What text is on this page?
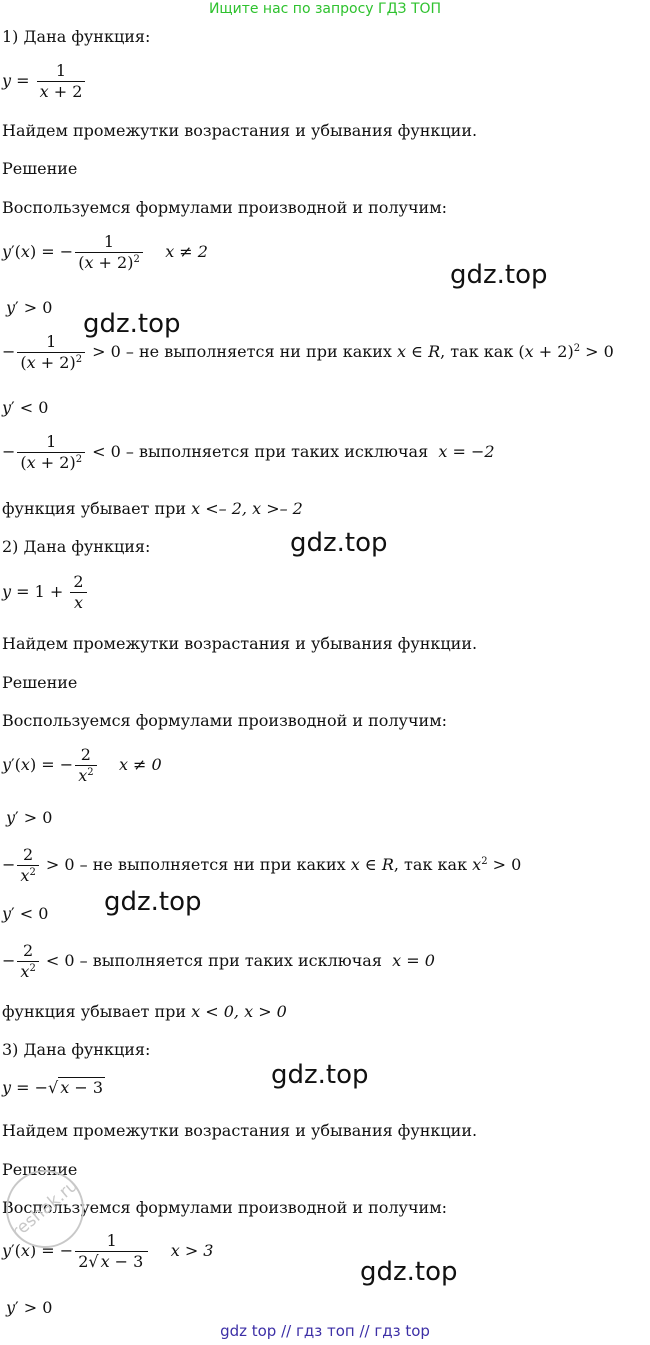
Ищите нас по запросу ГДЗ ТОП
1) Дана функция:
$y = \frac{1}{x + 2}$
Найдем промежутки возрастания и убывания функции.
Решение
Воспользуемся формулами производной и получим:
y′(x) = − $\frac{1}{(x + 2)^2}$ x ≠ 2
y′ > 0
− $\frac{1}{(x + 2)^2} > 0$ – не выполняется ни при каких x ∈ R, так как $(x + 2)^2 > 0$
y′ < 0
− $\frac{1}{(x + 2)^2} < 0$ – выполняется при таких исключая  x = −2
функция убывает при x <– 2, x >– 2
2) Дана функция:
$y = 1 + \frac{2}{x}$
Найдем промежутки возрастания и убывания функции.
Решение
Воспользуемся формулами производной и получим:
y′(x) = − $\frac{2}{x^2}$ x ≠ 0
y′ > 0
− $\frac{2}{x^2} > 0$ – не выполняется ни при каких x ∈ R, так как $x^2 > 0$
y′ < 0
− $\frac{2}{x^2} < 0$ – выполняется при таких исключая  x = 0
функция убывает при x < 0, x > 0
3) Дана функция:
y = −√ x − 3
Найдем промежутки возрастания и убывания функции.
Решение
Воспользуемся формулами производной и получим:
y′(x) = − $\frac{1}{2√ x - 3}$ x > 3
y′ > 0
gdz.top
gdz.top
gdz.top
gdz.top
gdz.top
gdz.top
reshak.ru
gdz top // гдз топ // гдз top
